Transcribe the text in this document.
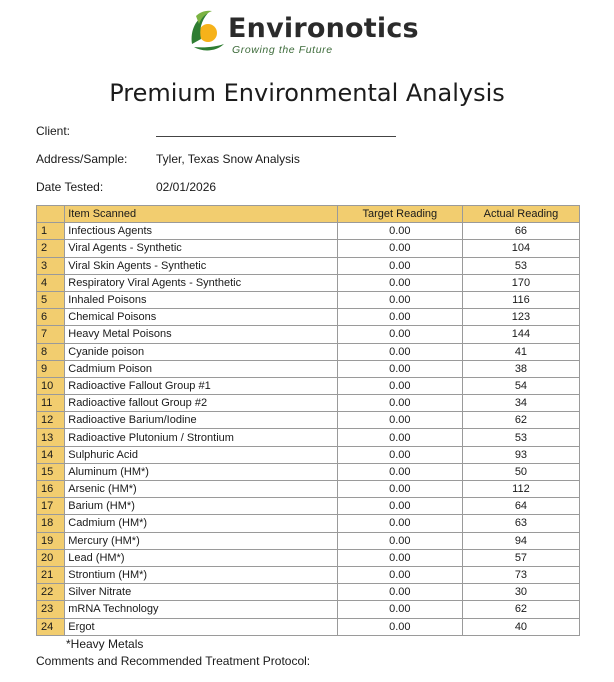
Environotics
Growing the Future
Premium Environmental Analysis
Client:
Address/Sample: Tyler, Texas Snow Analysis
Date Tested:	02/01/2026
	Item Scanned	Target Reading	Actual Reading
1	Infectious Agents	0.00	66
2	Viral Agents - Synthetic	0.00	104
3	Viral Skin Agents - Synthetic	0.00	53
4	Respiratory Viral Agents - Synthetic	0.00	170
5	Inhaled Poisons	0.00	116
6	Chemical Poisons	0.00	123
7	Heavy Metal Poisons	0.00	144
8	Cyanide poison	0.00	41
9	Cadmium Poison	0.00	38
10	Radioactive Fallout Group #1	0.00	54
11	Radioactive fallout Group #2	0.00	34
12	Radioactive Barium/Iodine	0.00	62
13	Radioactive Plutonium / Strontium	0.00	53
14	Sulphuric Acid	0.00	93
15	Aluminum (HM*)	0.00	50
16	Arsenic (HM*)	0.00	112
17	Barium (HM*)	0.00	64
18	Cadmium (HM*)	0.00	63
19	Mercury (HM*)	0.00	94
20	Lead (HM*)	0.00	57
21	Strontium (HM*)	0.00	73
22	Silver Nitrate	0.00	30
23	mRNA Technology	0.00	62
24	Ergot	0.00	40
*Heavy Metals
Comments and Recommended Treatment Protocol:
